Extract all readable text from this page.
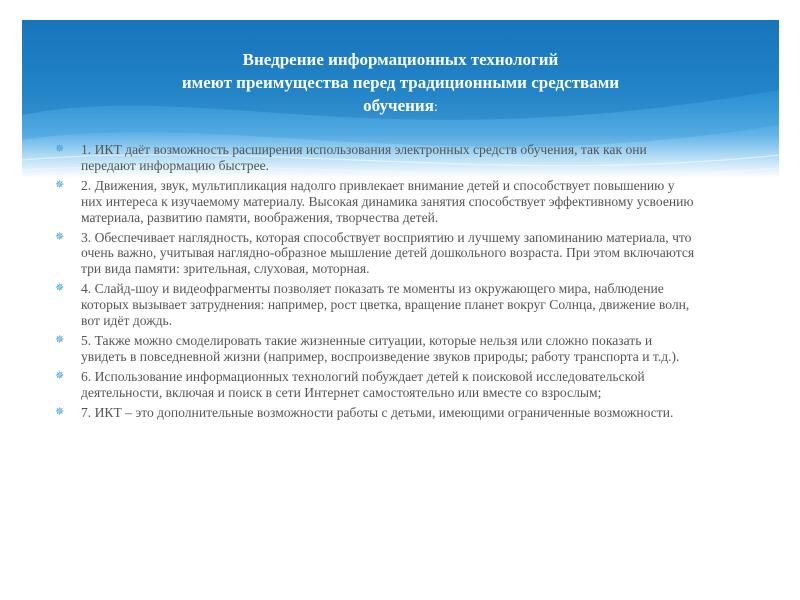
Внедрение информационных технологий
имеют преимущества перед традиционными средствами
обучения:
✵ 1. ИКТ даёт возможность расширения использования электронных средств обучения, так как они передают информацию быстрее.
✵ 2. Движения, звук, мультипликация надолго привлекает внимание детей и способствует повышению у них интереса к изучаемому материалу. Высокая динамика занятия способствует эффективному усвоению материала, развитию памяти, воображения, творчества детей.
✵ 3. Обеспечивает наглядность, которая способствует восприятию и лучшему запоминанию материала, что очень важно, учитывая наглядно-образное мышление детей дошкольного возраста. При этом включаются три вида памяти: зрительная, слуховая, моторная.
✵ 4. Слайд-шоу и видеофрагменты позволяет показать те моменты из окружающего мира, наблюдение которых вызывает затруднения: например, рост цветка, вращение планет вокруг Солнца, движение волн, вот идёт дождь.
✵ 5. Также можно смоделировать такие жизненные ситуации, которые нельзя или сложно показать и увидеть в повседневной жизни (например, воспроизведение звуков природы; работу транспорта и т.д.).
✵ 6. Использование информационных технологий побуждает детей к поисковой исследовательской деятельности, включая и поиск в сети Интернет самостоятельно или вместе со взрослым;
✵ 7. ИКТ – это дополнительные возможности работы с детьми, имеющими ограниченные возможности.
